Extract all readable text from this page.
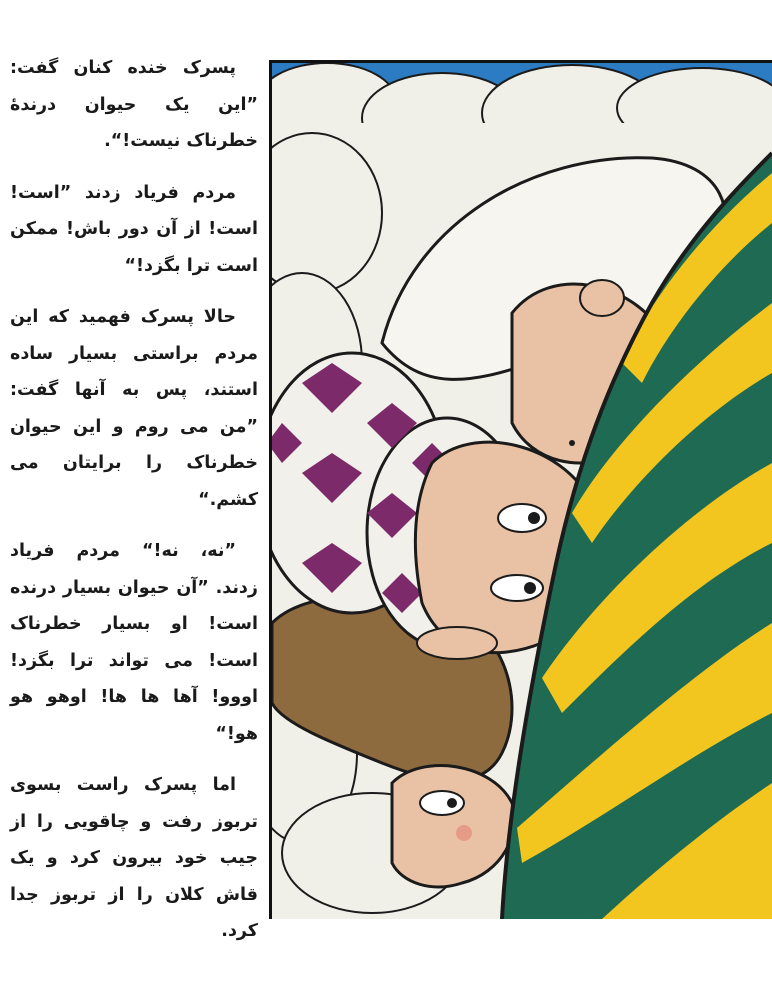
پسرک خنده کنان گفت: ”این یک حیوان درندهٔ خطرناک نیست!“.

مردم فریاد زدند ”است! است! از آن دور باش! ممکن است ترا بگزد!“

حالا پسرک فهمید که این مردم براستی بسیار ساده استند، پس به آنها گفت: ”من می روم و این حیوان خطرناک را برایتان می کشم.“

”نه، نه!“ مردم فریاد زدند. ”آن حیوان بسیار درنده است! او بسیار خطرناک است! می تواند ترا بگزد! اووو! آها ها ها! اوهو هو هو!“

اما پسرک راست بسوی تربوز رفت و چاقویی را از جیب خود بیرون کرد و یک قاش کلان را از تربوز جدا کرد.
